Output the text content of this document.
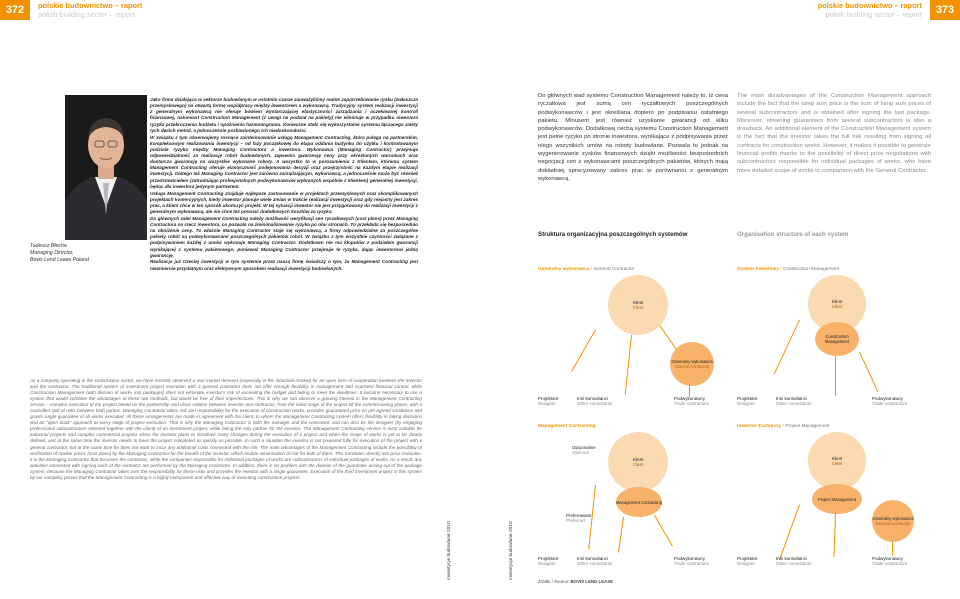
372	polskie budownictwo – raport
polish building sector – report
polskie budownictwo – raport
polish building sector – report	373
Tadeusz Błecha
Managing Director,
Bovis Lend Lease Poland

Jako firma działająca w sektorze budowlanym w ostatnim czasie zauważyliśmy realne zapotrzebowanie rynku (zwłaszcza przemysłowego) na otwartą formę współpracy między inwestorem a wykonawcą. Tradycyjny system realizacji inwestycji z generalnym wykonawcą nie oferuje bowiem wystarczającej elastyczności zarządzania i oczekiwanej kontroli finansowej, natomiast Construction Management (z uwagi na podział na pakiety) nie eliminuje w przypadku inwestora ryzyka przekroczenia budżetu i opóźnienia harmonogramu. Konieczne stało się wykorzystanie systemu łączącego zalety tych dwóch metod, a jednocześnie pozbawionego ich niedoskonałości.

W związku z tym obserwujemy rosnące zainteresowanie usługą Management Contracting, która polega na partnerskim, kompleksowym realizowaniu inwestycji – od fazy początkowej do etapu oddania budynku do użytku i kontrolowanym podziale ryzyka między Managing Contractora a inwestora. Wykonawca (Managing Contractor) przejmuje odpowiedzialność za realizację robót budowlanych, zapewnia gwarancję ceny przy określonych warunkach oraz dostarcza gwarancję na wszystkie wykonane roboty. A wszystko to w porozumieniu z Klientem, któremu system Management Contracting oferuje elastyczność podejmowania decyzji oraz przejrzystość na każdym etapie realizacji inwestycji. Dlatego też Managing Contractor jest zarówno zarządzającym, wykonawcą, a jednocześnie może być również przedstawicielem (zatrudniając profesjonalnych podwykonawców wybranych wspólnie z klientem) generalnej inwestycji, będąc dla inwestora jedynym partnerem.

Usługa Management Contracting znajduje najlepsze zastosowanie w projektach przemysłowych oraz skomplikowanych projektach komercyjnych, kiedy inwestor planuje wiele zmian w trakcie realizacji inwestycji oraz gdy niejasny jest zakres prac, a klient chce w ten sposób ukończyć projekt. W tej sytuacji inwestor nie jest przygotowany do realizacji inwestycji z generalnym wykonawcą, ale nie chce też ponosić dodatkowych kosztów za ryzyko.

Do głównych zalet Management Contracting należy możliwość weryfikacji cen ryczałtowych (cost plans) przez Managing Contractora na rzecz inwestora, co pozwala na zminimalizowanie ryzyka po obu stronach. To przekłada się bezpośrednio na obniżenie ceny. To właśnie Managing Contractor staje się wykonawcą, a firmy odpowiedzialne za poszczególne pakiety robót są podwykonawcami poszczególnych pakietów robót. W związku z tym wszystkie czynności związane z podpisywaniem każdej z umów wykonuje Managing Contractor. Dodatkowo nie ma kłopotów z podziałem gwarancji wynikającej z systemu pakietowego, ponieważ Managing Contractor przejmuje te ryzyka, dając inwestorowi jedną gwarancję.

Realizacja już trzeciej inwestycji w tym systemie przez naszą firmę świadczy o tym, że Management Contracting jest niezmiernie przydatnym oraz efektywnym sposobem realizacji inwestycji budowlanych.

As a company operating in the construction sector, we have recently observed a real market demand (especially in the industrial market) for an open form of cooperation between the investor and the contractor. The traditional system of investment project execution with a general contractor does not offer enough flexibility in management and expected financial control, while Construction Management (with division of works into packages) does not eliminate investor's risk of exceeding the budget and failing to meet the deadlines. It became necessary to use a system that would combine the advantages of these two methods, but would be free of their imperfections. This is why we can observe a growing interest in the Management Contracting service – complex execution of the project based on the partnership and close relation between investor and contractor, from the initial stage of the project till the commissioning phase, with a controlled split of risks between both parties. Managing Contractor takes risk and responsibility for the execution of construction works, provides guaranteed price on pre-agreed conditions and grants single guarantee of all works executed. All these arrangements are made in agreement with the client, to whom the Management Contracting system offers flexibility in taking decisions and an "open book" approach at every stage of project execution. That is why the Managing Contractor is both the manager and the contractor, and can also be the designer (by engaging professional subcontractors selected together with the client) of an investment project, while being the only partner for the investor. The Management Contracting service is most suitable for industrial projects and complex commercial projects when the investor plans to introduce many changes during the execution of a project and when the scope of works is yet to be clearly defined, and at the same time the investor needs to have the project completed as quickly as possible. In such a situation the investor is not prepared fully for execution of the project with a general contractor, but at the same time he does not want to incur any additional costs connected with the risk. The main advantages of the Management Contracting include the possibility of verification of market prices (cost plans) by the Managing Contractor for the benefit of the investor, which enable minimisation of risk for both of them. This translates directly into price reduction. It is the Managing Contractor that becomes the contractor, while the companies responsible for individual packages of works are subcontractors of individual packages of works. As a result, any activities connected with signing each of the contracts are performed by the Managing Contractor. In addition, there is no problem with the division of the guarantee arising out of the package system, because the Managing Contractor takes over the responsibility for these risks and provides the investor with a single guarantee. Execution of the third investment project in this system by our company proves that the Management Contracting is a highly transparent and effective way of executing construction projects.
inwestycje budowlane 2010	inwestycje budowlane 2010
Do głównych wad systemu Construction Management należy to, iż cena ryczałtowa jest sumą cen ryczałtowych poszczególnych podwykonawców i jest określana dopiero po podpisaniu ostatniego pakietu. Minusem jest również uzyskanie gwarancji od kilku podwykonawców. Dodatkową cechą systemu Construction Management jest pełne ryzyko po stronie inwestora, wynikające z podpisywania przez niego wszystkich umów na roboty budowlane. Pozwala to jednak na wygenerowanie zysków finansowych dzięki możliwości bezpośrednich negocjacji cen z wykonawcami poszczególnych pakietów, których mają dokładniej sprecyzowany zakres prac w porównaniu z generalnym wykonawcą.
The main disadvantages of the Construction Management approach include the fact that the lump sum price is the sum of lump sum prices of several subcontractors and is obtained after signing the last package. Moreover, obtaining guarantees from several subcontractors is also a drawback. An additional element of the Construction Management system is the fact that the investor takes the full risk resulting from signing all contracts for construction works. However, it makes it possible to generate financial profits thanks to the possibility of direct price negotiations with subcontractors responsible for individual packages of works, who have more detailed scope of works in comparison with the General Contractor.
Struktura organizacyjna poszczególnych systemów	Organisation structure of each system
Generalny wykonawca / General Contractor
Klient
Client
Generalny wykonawca
General Contractor
Projektant
Designer
Inni konsultanci
Other consultants
Podwykonawcy
Trade contractors
System Pakietowy / Construction Management
Klient
Client
Construction Management
Projektant
Designer
Inni konsultanci
Other consultants
Podwykonawcy
Trade contractors
Management Contracting
Klient
Client
Opcjonalnie
Optional
Management Contracting
Preferowane
Preferred
Projektant
Designer
Inni konsultanci
Other consultants
Podwykonawcy
Trade contractors
Inwestor Zastępczy / Project Management
Klient
Client
Project Management
Generalny wykonawca
General Contractor
Projektant
Designer
Inni konsultanci
Other consultants
Podwykonawcy
Trade contractors
Źródło / Source: BOVIS LEND LEASE
